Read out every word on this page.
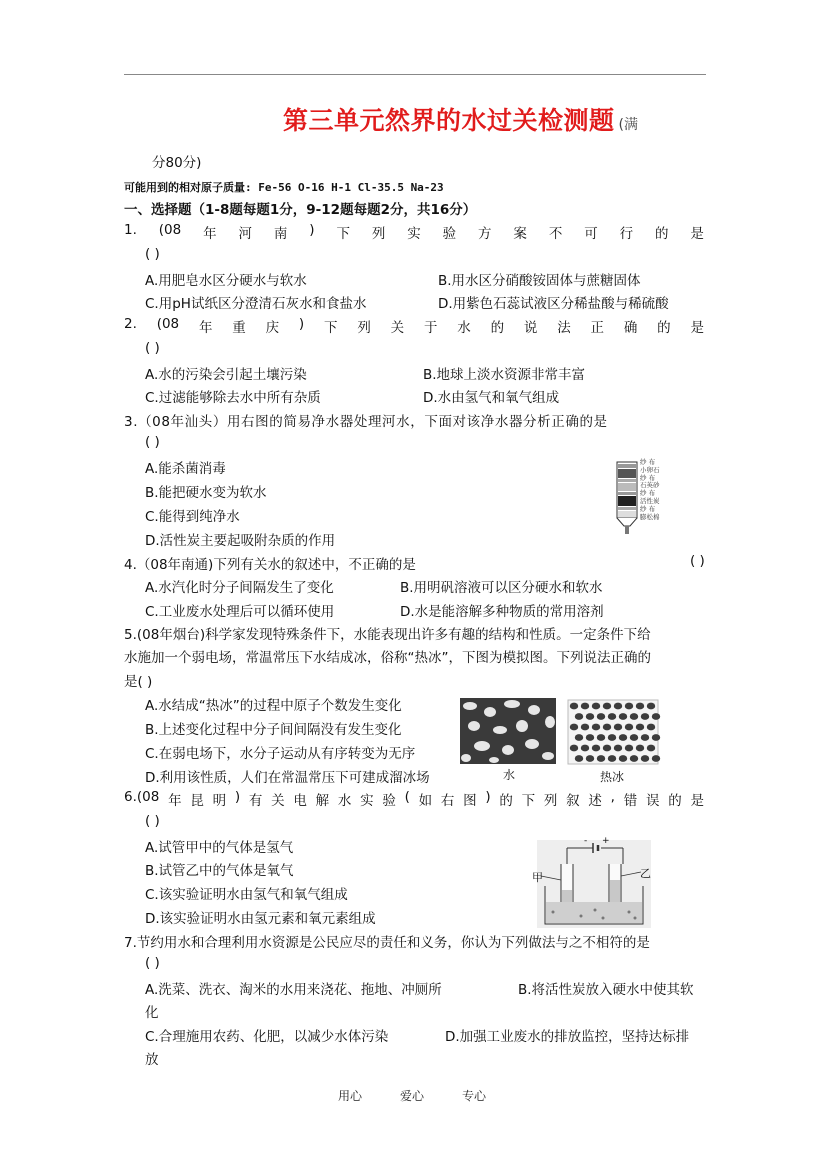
第三单元然界的水过关检测题 (满
分80分)
可能用到的相对原子质量: Fe-56 O-16 H-1 Cl-35.5 Na-23
一、选择题（1-8题每题1分，9-12题每题2分，共16分）
1. (08 年 河 南 ) 下 列 实 验 方 案 不 可 行 的 是
( )
A.用肥皂水区分硬水与软水	B.用水区分硝酸铵固体与蔗糖固体
C.用pH试纸区分澄清石灰水和食盐水	D.用紫色石蕊试液区分稀盐酸与稀硫酸
2. (08 年 重 庆 ) 下 列 关 于 水 的 说 法 正 确 的 是
( )
A.水的污染会引起土壤污染	B.地球上淡水资源非常丰富
C.过滤能够除去水中所有杂质	D.水由氢气和氧气组成
3.（08年汕头）用右图的简易净水器处理河水，下面对该净水器分析正确的是
( )
A.能杀菌消毒
B.能把硬水变为软水
C.能得到纯净水
D.活性炭主要起吸附杂质的作用
纱 布
小卵石
纱 布
石英砂
纱 布
活性炭
纱 布
膨松棉
4.（08年南通)下列有关水的叙述中，不正确的是	( )
A.水汽化时分子间隔发生了变化	B.用明矾溶液可以区分硬水和软水
C.工业废水处理后可以循环使用	D.水是能溶解多种物质的常用溶剂
5.(08年烟台)科学家发现特殊条件下，水能表现出许多有趣的结构和性质。一定条件下给
水施加一个弱电场，常温常压下水结成冰，俗称“热冰”，下图为模拟图。下列说法正确的
是( )
A.水结成“热冰”的过程中原子个数发生变化
B.上述变化过程中分子间间隔没有发生变化
C.在弱电场下，水分子运动从有序转变为无序
D.利用该性质，人们在常温常压下可建成溜冰场	水	热冰
6.(08 年 昆 明 ) 有 关 电 解 水 实 验 ( 如 右 图 ) 的 下 列 叙 述 , 错 误 的 是
( )
A.试管甲中的气体是氢气
B.试管乙中的气体是氧气
C.该实验证明水由氢气和氧气组成
D.该实验证明水由氢元素和氧元素组成
甲	乙
- +
7.节约用水和合理利用水资源是公民应尽的责任和义务，你认为下列做法与之不相符的是
( )
A.洗菜、洗衣、淘米的水用来浇花、拖地、冲厕所	B.将活性炭放入硬水中使其软
化
C.合理施用农药、化肥，以减少水体污染	D.加强工业废水的排放监控，坚持达标排
放
用心	爱心	专心
